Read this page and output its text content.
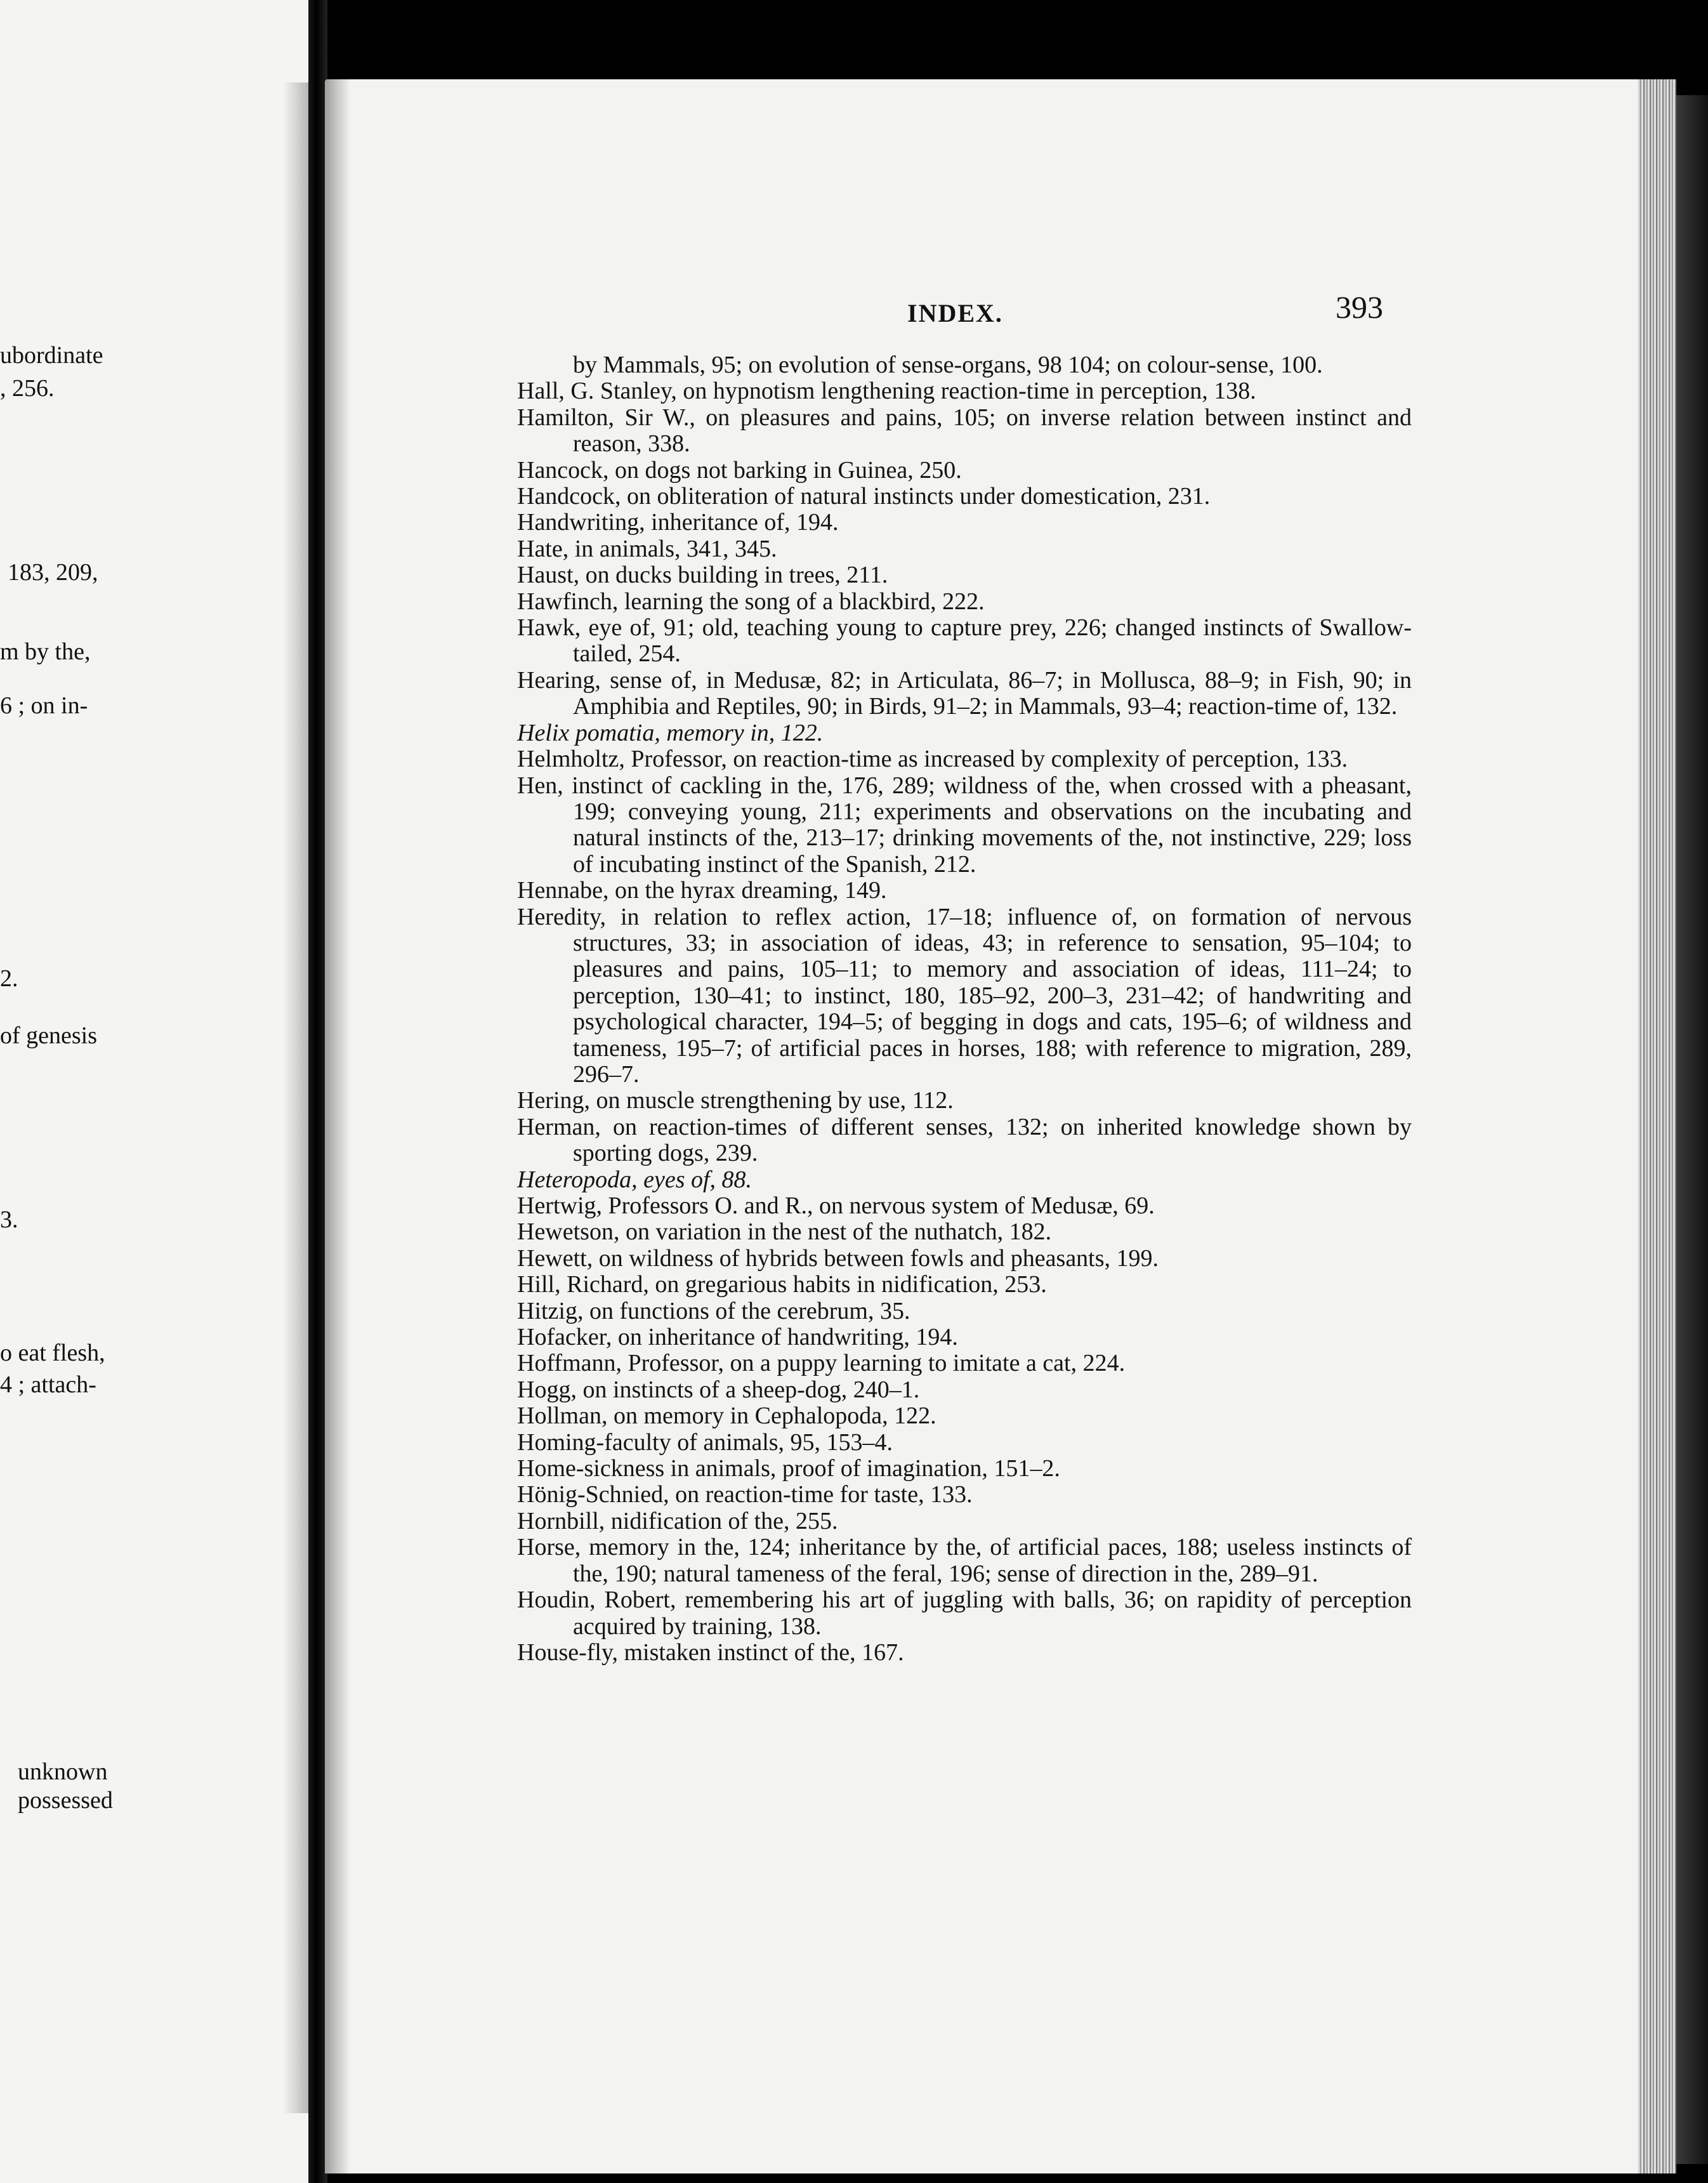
ubordinate
, 256.
183, 209,
m by the,
6 ; on in-
2.
of genesis
3.
o eat flesh,
4 ; attach-
unknown
possessed
INDEX.	393

by Mammals, 95; on evolution of sense-organs, 98 104; on colour-sense, 100.

Hall, G. Stanley, on hypnotism lengthening reaction-time in perception, 138.

Hamilton, Sir W., on pleasures and pains, 105; on inverse relation between instinct and reason, 338.

Hancock, on dogs not barking in Guinea, 250.

Handcock, on obliteration of natural instincts under domestication, 231.

Handwriting, inheritance of, 194.

Hate, in animals, 341, 345.

Haust, on ducks building in trees, 211.

Hawfinch, learning the song of a blackbird, 222.

Hawk, eye of, 91; old, teaching young to capture prey, 226; changed instincts of Swallow-tailed, 254.

Hearing, sense of, in Medusæ, 82; in Articulata, 86–7; in Mollusca, 88–9; in Fish, 90; in Amphibia and Reptiles, 90; in Birds, 91–2; in Mammals, 93–4; reaction-time of, 132.

Helix pomatia, memory in, 122.

Helmholtz, Professor, on reaction-time as increased by complexity of perception, 133.

Hen, instinct of cackling in the, 176, 289; wildness of the, when crossed with a pheasant, 199; conveying young, 211; experiments and observations on the incubating and natural instincts of the, 213–17; drinking movements of the, not instinctive, 229; loss of incubating instinct of the Spanish, 212.

Hennabe, on the hyrax dreaming, 149.

Heredity, in relation to reflex action, 17–18; influence of, on formation of nervous structures, 33; in association of ideas, 43; in reference to sensation, 95–104; to pleasures and pains, 105–11; to memory and association of ideas, 111–24; to perception, 130–41; to instinct, 180, 185–92, 200–3, 231–42; of handwriting and psychological character, 194–5; of begging in dogs and cats, 195–6; of wildness and tameness, 195–7; of artificial paces in horses, 188; with reference to migration, 289, 296–7.

Hering, on muscle strengthening by use, 112.

Herman, on reaction-times of different senses, 132; on inherited knowledge shown by sporting dogs, 239.

Heteropoda, eyes of, 88.

Hertwig, Professors O. and R., on nervous system of Medusæ, 69.

Hewetson, on variation in the nest of the nuthatch, 182.

Hewett, on wildness of hybrids between fowls and pheasants, 199.

Hill, Richard, on gregarious habits in nidification, 253.

Hitzig, on functions of the cerebrum, 35.

Hofacker, on inheritance of handwriting, 194.

Hoffmann, Professor, on a puppy learning to imitate a cat, 224.

Hogg, on instincts of a sheep-dog, 240–1.

Hollman, on memory in Cephalopoda, 122.

Homing-faculty of animals, 95, 153–4.

Home-sickness in animals, proof of imagination, 151–2.

Hönig-Schnied, on reaction-time for taste, 133.

Hornbill, nidification of the, 255.

Horse, memory in the, 124; inheritance by the, of artificial paces, 188; useless instincts of the, 190; natural tameness of the feral, 196; sense of direction in the, 289–91.

Houdin, Robert, remembering his art of juggling with balls, 36; on rapidity of perception acquired by training, 138.

House-fly, mistaken instinct of the, 167.
